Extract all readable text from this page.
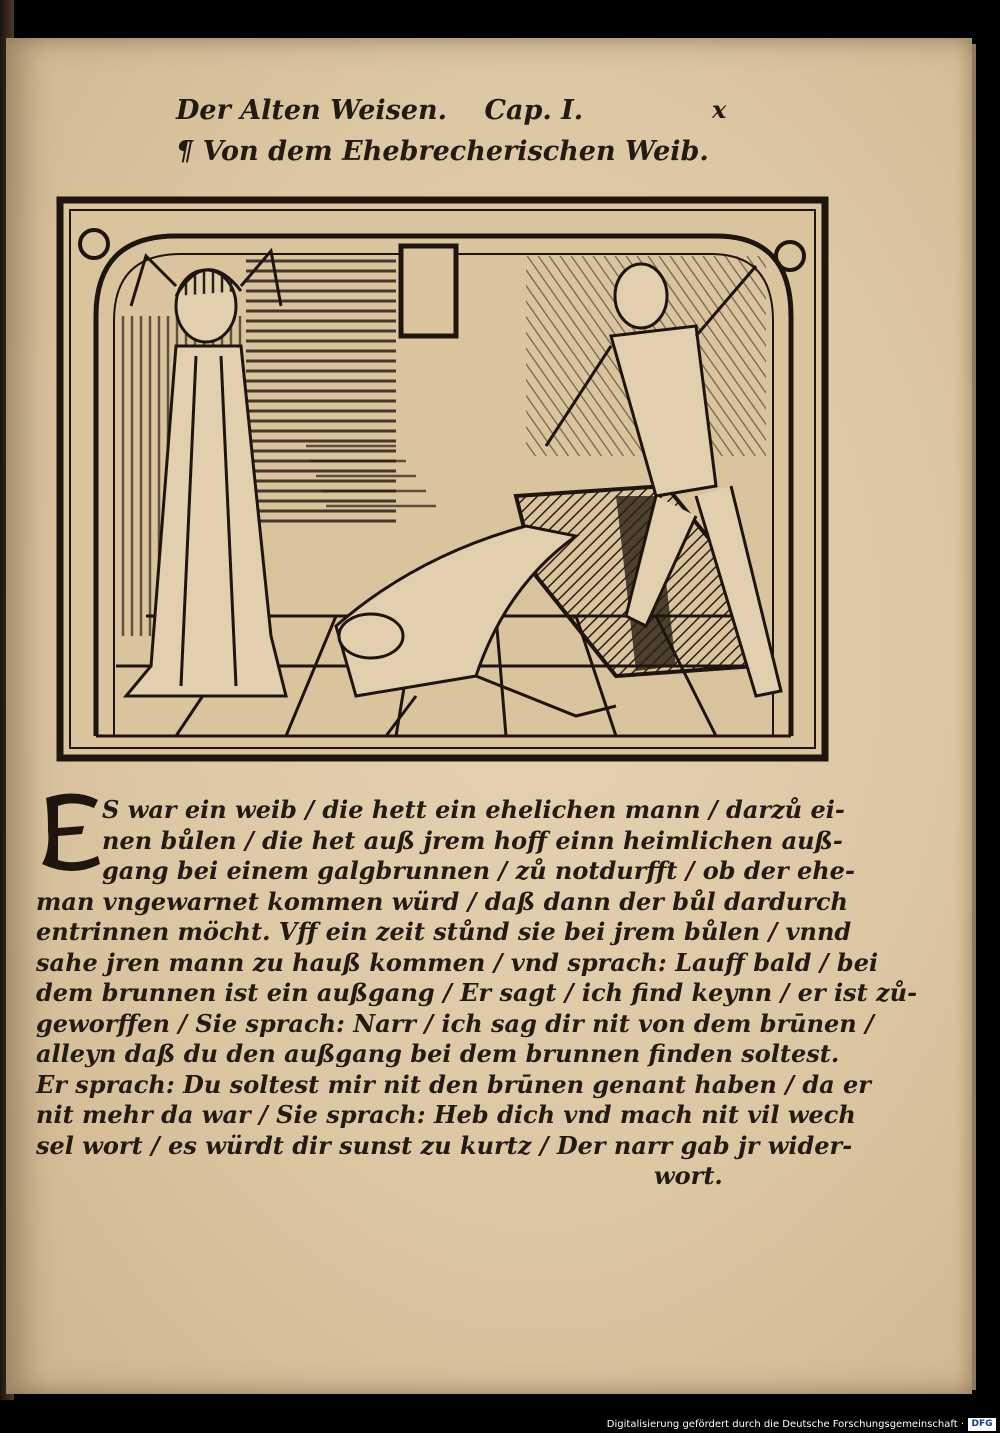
Der Alten Weisen. Cap. I.	x
¶ Von dem Ehebrecherischen Weib.
E
S war ein weib / die hett ein ehelichen mann / darzů ei-
nen bůlen / die het auß jrem hoff einn heimlichen auß-
gang bei einem galgbrunnen / zů notdurfft / ob der ehe-
man vngewarnet kommen würd / daß dann der bůl dardurch
entrinnen möcht. Vff ein zeit stůnd sie bei jrem bůlen / vnnd
sahe jren mann zu hauß kommen / vnd sprach: Lauff bald / bei
dem brunnen ist ein außgang / Er sagt / ich find keynn / er ist zů-
geworffen / Sie sprach: Narr / ich sag dir nit von dem brūnen /
alleyn daß du den außgang bei dem brunnen finden soltest.
Er sprach: Du soltest mir nit den brūnen genant haben / da er
nit mehr da war / Sie sprach: Heb dich vnd mach nit vil wech
sel wort / es würdt dir sunst zu kurtz / Der narr gab jr wider-
wort.
Digitalisierung gefördert durch die Deutsche Forschungsgemeinschaft · DFG
